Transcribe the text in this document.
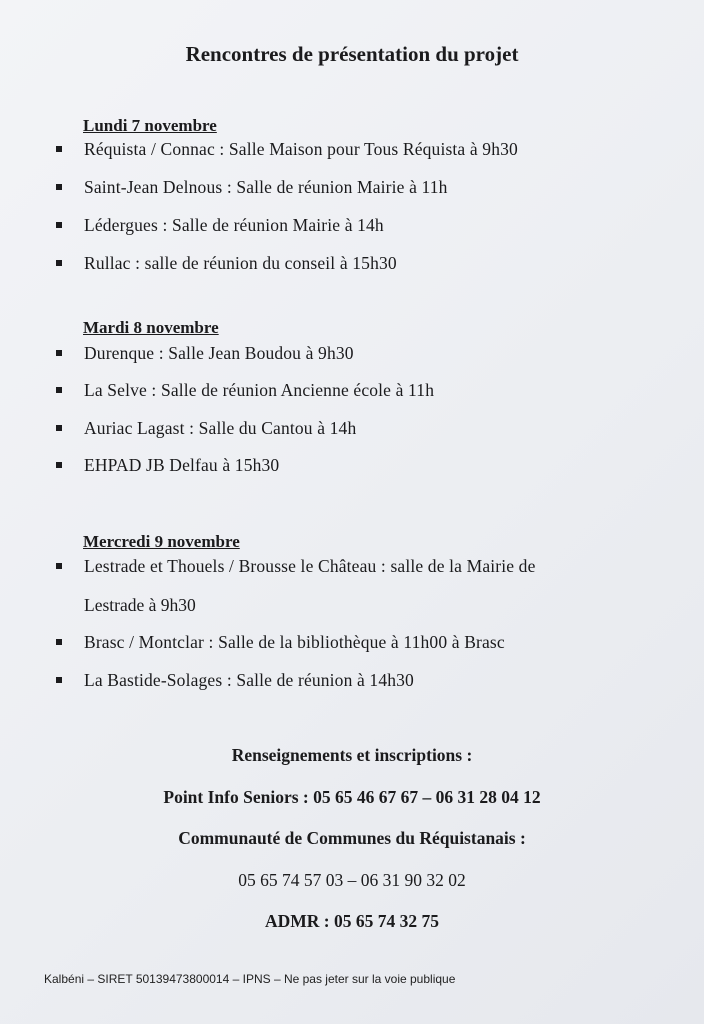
Rencontres de présentation du projet
Lundi 7 novembre
Réquista / Connac : Salle Maison pour Tous Réquista à 9h30
Saint-Jean Delnous : Salle de réunion Mairie à 11h
Lédergues : Salle de réunion Mairie à 14h
Rullac : salle de réunion du conseil à 15h30
Mardi 8 novembre
Durenque : Salle Jean Boudou à 9h30
La Selve : Salle de réunion Ancienne école à 11h
Auriac Lagast : Salle du Cantou à 14h
EHPAD JB Delfau à 15h30
Mercredi 9 novembre
Lestrade et Thouels / Brousse le Château : salle de la Mairie de
Lestrade à 9h30
Brasc / Montclar : Salle de la bibliothèque à 11h00 à Brasc
La Bastide-Solages : Salle de réunion à 14h30
Renseignements et inscriptions :
Point Info Seniors : 05 65 46 67 67 – 06 31 28 04 12
Communauté de Communes du Réquistanais :
05 65 74 57 03 – 06 31 90 32 02
ADMR : 05 65 74 32 75
Kalbéni – SIRET 50139473800014 – IPNS – Ne pas jeter sur la voie publique
